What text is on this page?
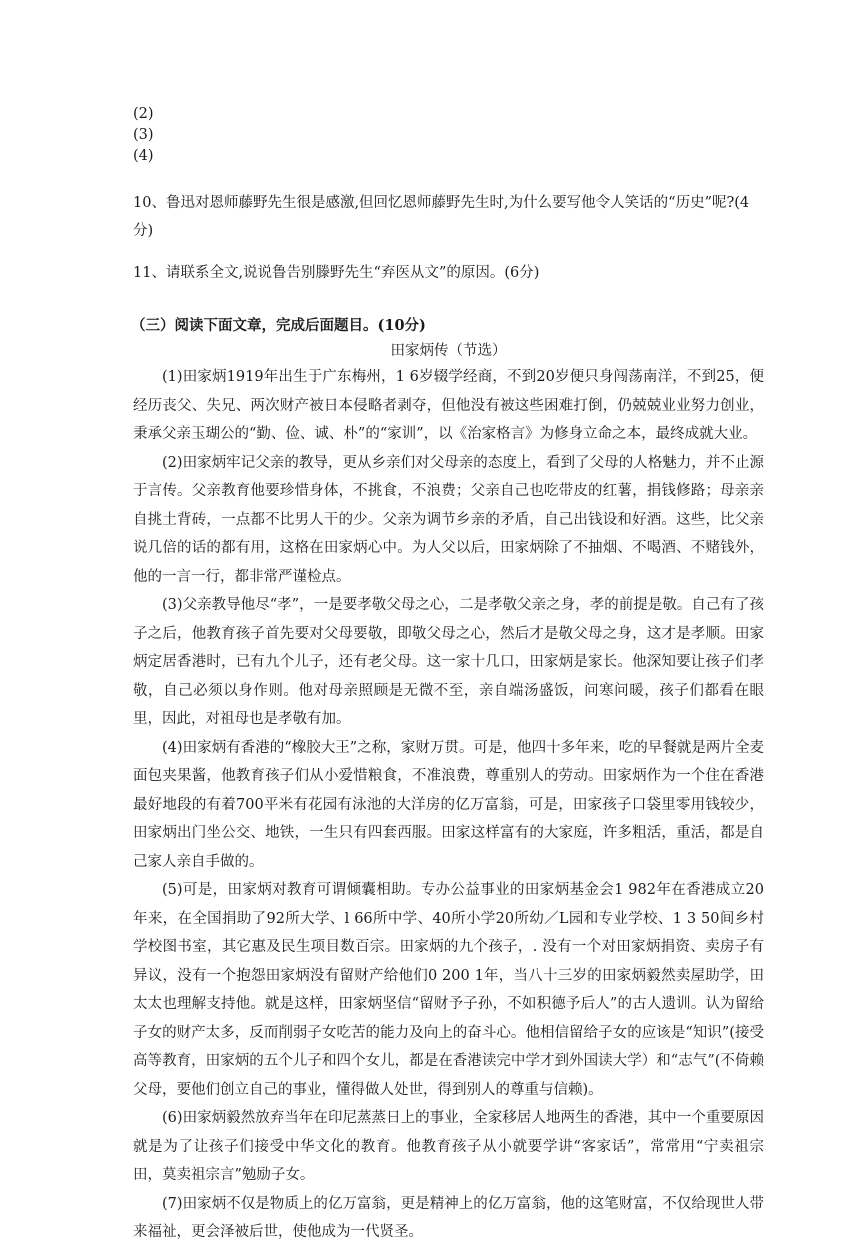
(2)

(3)

(4)

10、鲁迅对恩师藤野先生很是感激,但回忆恩师藤野先生时,为什么要写他令人笑话的“历史”呢?(4分)

11、请联系全文,说说鲁告别滕野先生“弃医从文”的原因。(6分)

（三）阅读下面文章，完成后面题目。(10分)

田家炳传（节选）

(1)田家炳1919年出生于广东梅州，1 6岁辍学经商，不到20岁便只身闯荡南洋，不到25，便经历丧父、失兄、两次财产被日本侵略者剥夺，但他没有被这些困难打倒，仍兢兢业业努力创业，秉承父亲玉瑚公的“勤、俭、诚、朴”的“家训”，以《治家格言》为修身立命之本，最终成就大业。

(2)田家炳牢记父亲的教导，更从乡亲们对父母亲的态度上，看到了父母的人格魅力，并不止源于言传。父亲教育他要珍惜身体，不挑食，不浪费；父亲自己也吃带皮的红薯，捐钱修路；母亲亲自挑土背砖，一点都不比男人干的少。父亲为调节乡亲的矛盾，自己出钱设和好酒。这些，比父亲说几倍的话的都有用，这格在田家炳心中。为人父以后，田家炳除了不抽烟、不喝酒、不赌钱外，他的一言一行，都非常严谨检点。

(3)父亲教导他尽“孝”，一是要孝敬父母之心，二是孝敬父亲之身，孝的前提是敬。自己有了孩子之后，他教育孩子首先要对父母要敬，即敬父母之心，然后才是敬父母之身，这才是孝顺。田家炳定居香港时，已有九个儿子，还有老父母。这一家十几口，田家炳是家长。他深知要让孩子们孝敬，自己必须以身作则。他对母亲照顾是无微不至，亲自端汤盛饭，问寒问暖，孩子们都看在眼里，因此，对祖母也是孝敬有加。

(4)田家炳有香港的“橡胶大王”之称，家财万贯。可是，他四十多年来，吃的早餐就是两片全麦面包夹果酱，他教育孩子们从小爱惜粮食，不准浪费，尊重别人的劳动。田家炳作为一个住在香港最好地段的有着700平米有花园有泳池的大洋房的亿万富翁，可是，田家孩子口袋里零用钱较少，田家炳出门坐公交、地铁，一生只有四套西服。田家这样富有的大家庭，许多粗活，重活，都是自己家人亲自手做的。

(5)可是，田家炳对教育可谓倾囊相助。专办公益事业的田家炳基金会1 982年在香港成立20年来，在全国捐助了92所大学、l 66所中学、40所小学20所幼／L园和专业学校、1 3 50间乡村学校图书室，其它惠及民生项目数百宗。田家炳的九个孩子，. 没有一个对田家炳捐资、卖房子有异议，没有一个抱怨田家炳没有留财产给他们0 200 1年，当八十三岁的田家炳毅然卖屋助学，田太太也理解支持他。就是这样，田家炳坚信“留财予子孙，不如积德予后人”的古人遗训。认为留给子女的财产太多，反而削弱子女吃苦的能力及向上的奋斗心。他相信留给子女的应该是“知识”(接受高等教育，田家炳的五个儿子和四个女儿，都是在香港读完中学才到外国读大学）和“志气”(不倚赖父母，要他们创立自己的事业，懂得做人处世，得到别人的尊重与信赖)。

(6)田家炳毅然放弃当年在印尼蒸蒸日上的事业，全家移居人地两生的香港，其中一个重要原因就是为了让孩子们接受中华文化的教育。他教育孩子从小就要学讲“客家话”，常常用“宁卖祖宗田，莫卖祖宗言”勉励子女。

(7)田家炳不仅是物质上的亿万富翁，更是精神上的亿万富翁，他的这笔财富，不仅给现世人带来福祉，更会泽被后世，使他成为一代贤圣。
